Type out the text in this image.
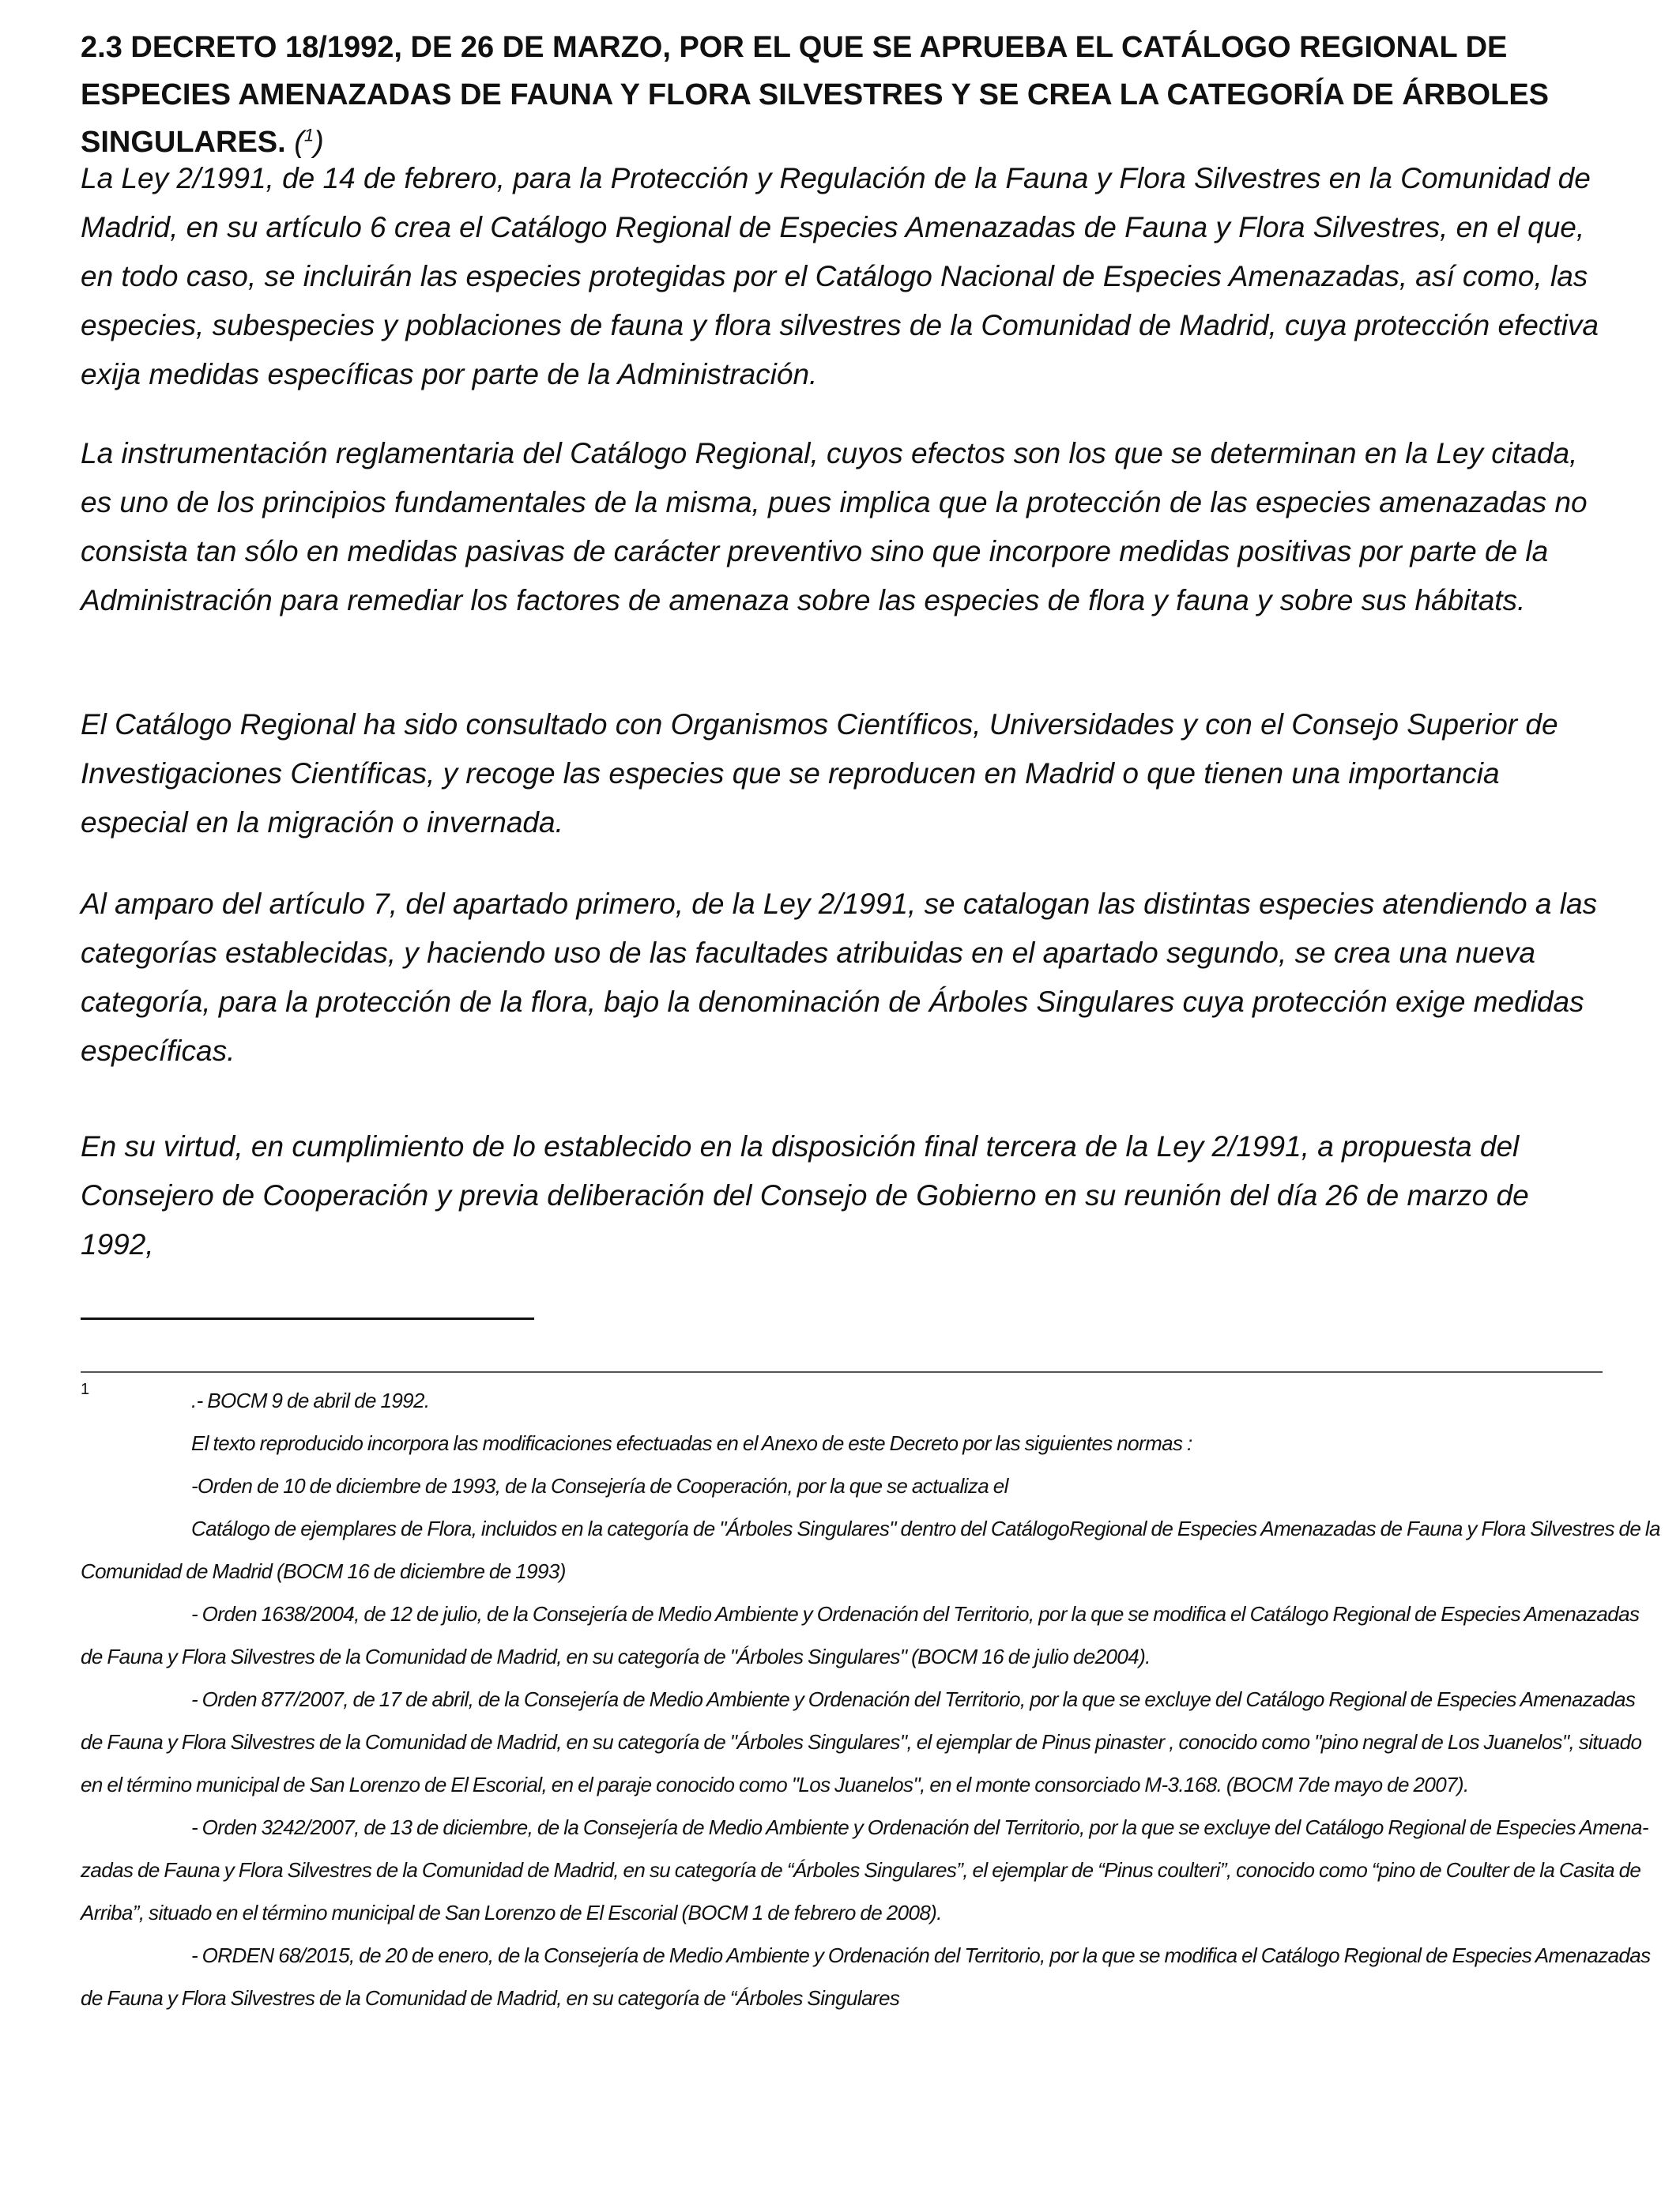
2.3 DECRETO 18/1992, DE 26 DE MARZO, POR EL QUE SE APRUEBA EL CATÁLOGO REGIONAL DE ESPECIES AMENAZADAS DE FAUNA Y FLORA SILVESTRES Y SE CREA LA CATEGORÍA DE ÁRBOLES SINGULARES. ($^1$)

La Ley 2/1991, de 14 de febrero, para la Protección y Regulación de la Fauna y Flora Silvestres en la Comunidad de Madrid, en su artículo 6 crea el Catálogo Regional de Especies Amenazadas de Fauna y Flora Silvestres, en el que, en todo caso, se incluirán las especies protegidas por el Catálogo Nacional de Especies Amenazadas, así como, las especies, subespecies y poblaciones de fauna y flora silvestres de la Comunidad de Madrid, cuya protección efectiva exija medidas específicas por parte de la Administración.

La instrumentación reglamentaria del Catálogo Regional, cuyos efectos son los que se determinan en la Ley citada, es uno de los principios fundamentales de la misma, pues implica que la protección de las especies amenazadas no consista tan sólo en medidas pasivas de carácter preventivo sino que incorpore medidas positivas por parte de la Administración para remediar los factores de amenaza sobre las especies de flora y fauna y sobre sus hábitats.

El Catálogo Regional ha sido consultado con Organismos Científicos, Universidades y con el Consejo Superior de Investigaciones Científicas, y recoge las especies que se reproducen en Madrid o que tienen una importancia especial en la migración o invernada.

Al amparo del artículo 7, del apartado primero, de la Ley 2/1991, se catalogan las distintas especies atendiendo a las categorías establecidas, y haciendo uso de las facultades atribuidas en el apartado segundo, se crea una nueva categoría, para la protección de la flora, bajo la denominación de Árboles Singulares cuya protección exige medidas específicas.

En su virtud, en cumplimiento de lo establecido en la disposición final tercera de la Ley 2/1991, a propuesta del Consejero de Cooperación y previa deliberación del Consejo de Gobierno en su reunión del día 26 de marzo de 1992,

1	.- BOCM 9 de abril de 1992.
El texto reproducido incorpora las modificaciones efectuadas en el Anexo de este Decreto por las siguientes normas :
-Orden de 10 de diciembre de 1993, de la Consejería de Cooperación, por la que se actualiza el
Catálogo de ejemplares de Flora, incluidos en la categoría de "Árboles Singulares" dentro del CatálogoRegional de Especies Amenazadas de Fauna y Flora Silvestres de la
Comunidad de Madrid (BOCM 16 de diciembre de 1993)
- Orden 1638/2004, de 12 de julio, de la Consejería de Medio Ambiente y Ordenación del Territorio, por la que se modifica el Catálogo Regional de Especies Amenazadas
de Fauna y Flora Silvestres de la Comunidad de Madrid, en su categoría de "Árboles Singulares" (BOCM 16 de julio de2004).
- Orden 877/2007, de 17 de abril, de la Consejería de Medio Ambiente y Ordenación del Territorio, por la que se excluye del Catálogo Regional de Especies Amenazadas
de Fauna y Flora Silvestres de la Comunidad de Madrid, en su categoría de "Árboles Singulares", el ejemplar de Pinus pinaster , conocido como "pino negral de Los Juanelos", situado
en el término municipal de San Lorenzo de El Escorial, en el paraje conocido como "Los Juanelos", en el monte consorciado M-3.168. (BOCM 7de mayo de 2007).
- Orden 3242/2007, de 13 de diciembre, de la Consejería de Medio Ambiente y Ordenación del Territorio, por la que se excluye del Catálogo Regional de Especies Amena-
zadas de Fauna y Flora Silvestres de la Comunidad de Madrid, en su categoría de “Árboles Singulares”, el ejemplar de “Pinus coulteri”, conocido como “pino de Coulter de la Casita de
Arriba”, situado en el término municipal de San Lorenzo de El Escorial (BOCM 1 de febrero de 2008).
- ORDEN 68/2015, de 20 de enero, de la Consejería de Medio Ambiente y Ordenación del Territorio, por la que se modifica el Catálogo Regional de Especies Amenazadas
de Fauna y Flora Silvestres de la Comunidad de Madrid, en su categoría de “Árboles Singulares
